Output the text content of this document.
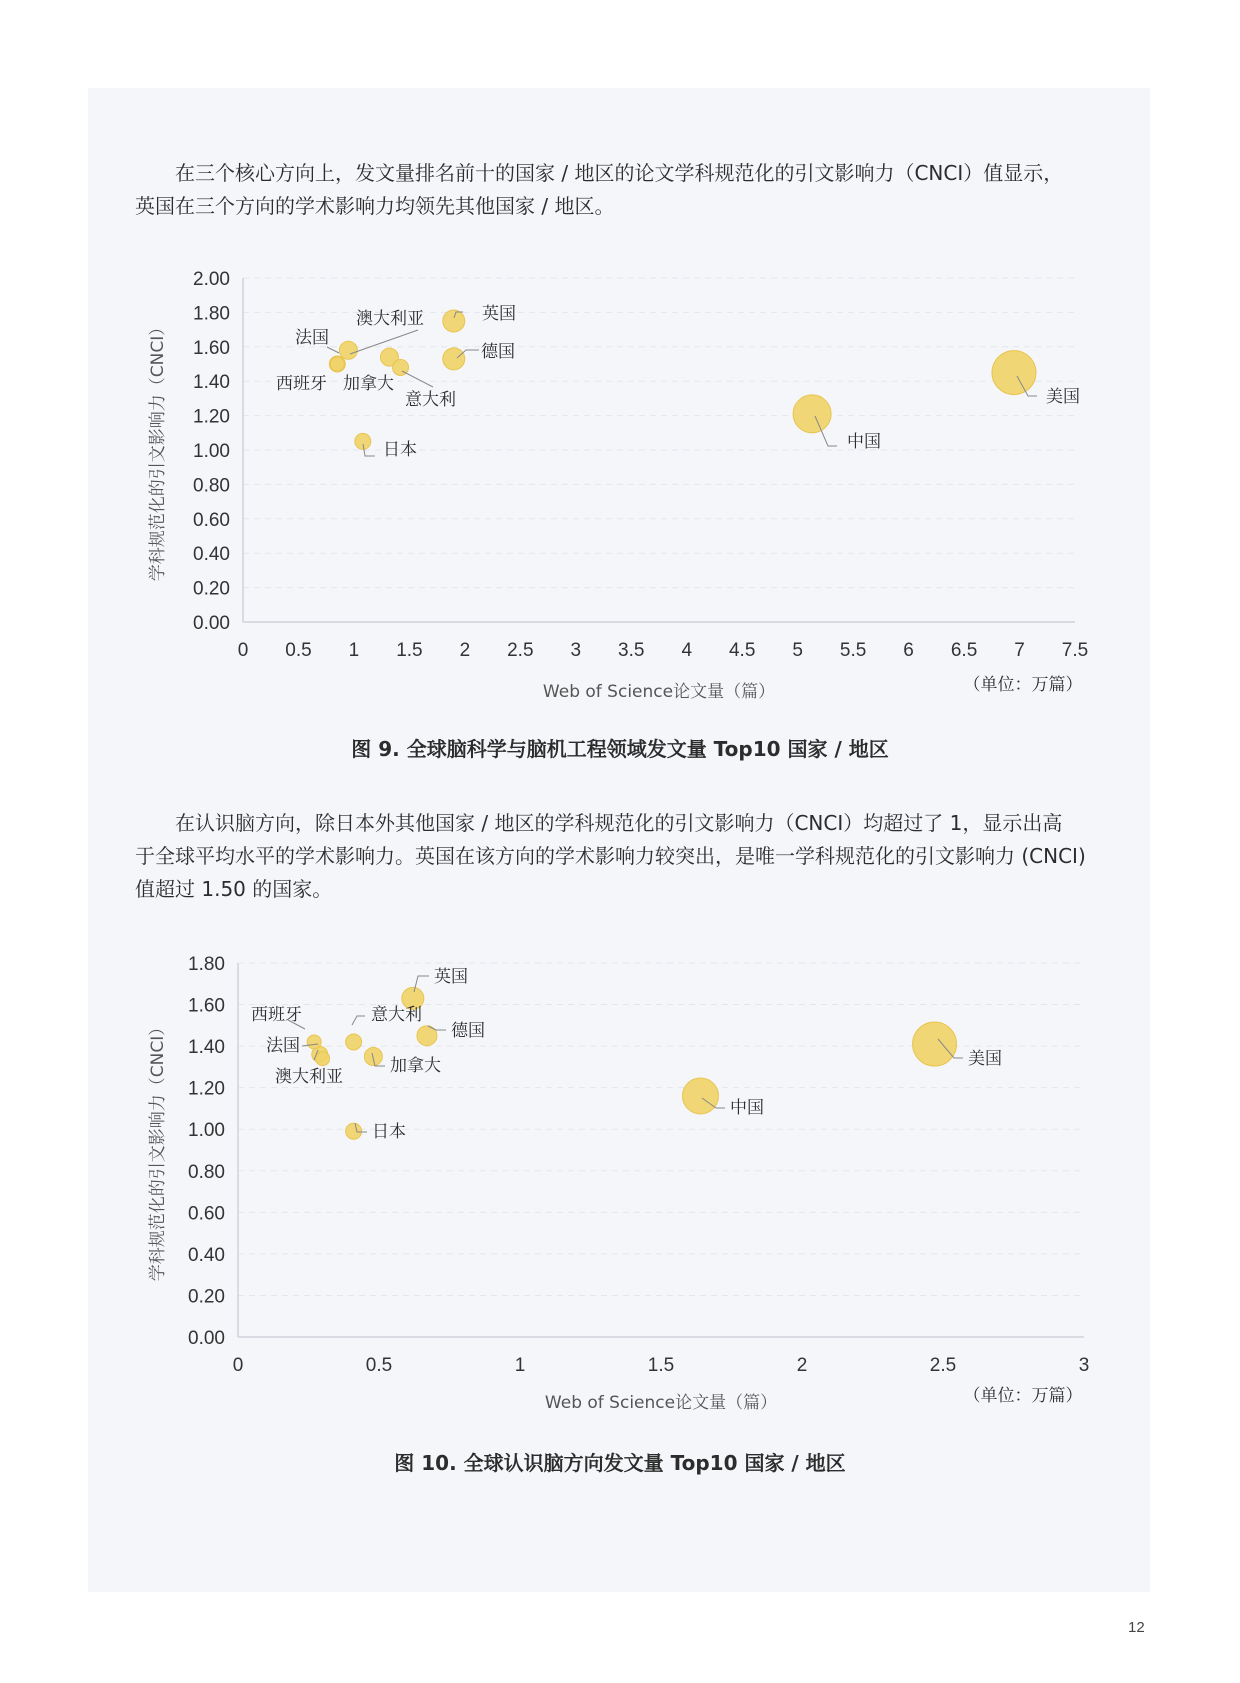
　　在三个核心方向上，发文量排名前十的国家 / 地区的论文学科规范化的引文影响力（CNCI）值显示，
英国在三个方向的学术影响力均领先其他国家 / 地区。

0.00
0.20
0.40
0.60
0.80
1.00
1.20
1.40
1.60
1.80
2.00
0 0.5 1 1.5 2 2.5 3 3.5 4 4.5 5 5.5 6 6.5 7 7.5
Web of Science论文量（篇）
学科规范化的引文影响力（CNCI）
（单位：万篇）
英国
澳大利亚
法国
加拿大
意大利
德国
西班牙
日本	中国
美国
图 9. 全球脑科学与脑机工程领域发文量 Top10 国家 / 地区

　　在认识脑方向，除日本外其他国家 / 地区的学科规范化的引文影响力（CNCI）均超过了 1，显示出高
于全球平均水平的学术影响力。英国在该方向的学术影响力较突出，是唯一学科规范化的引文影响力 (CNCI)
值超过 1.50 的国家。

0.00
0.20
0.40
0.60
0.80
1.00
1.20
1.40
1.60
1.80
0	0.5	1	1.5	2	2.5	3
Web of Science论文量（篇）
学科规范化的引文影响力（CNCI）
（单位：万篇）
英国
西班牙	意大利
德国
法国
澳大利亚
加拿大
日本
中国
美国
图 10. 全球认识脑方向发文量 Top10 国家 / 地区
12
